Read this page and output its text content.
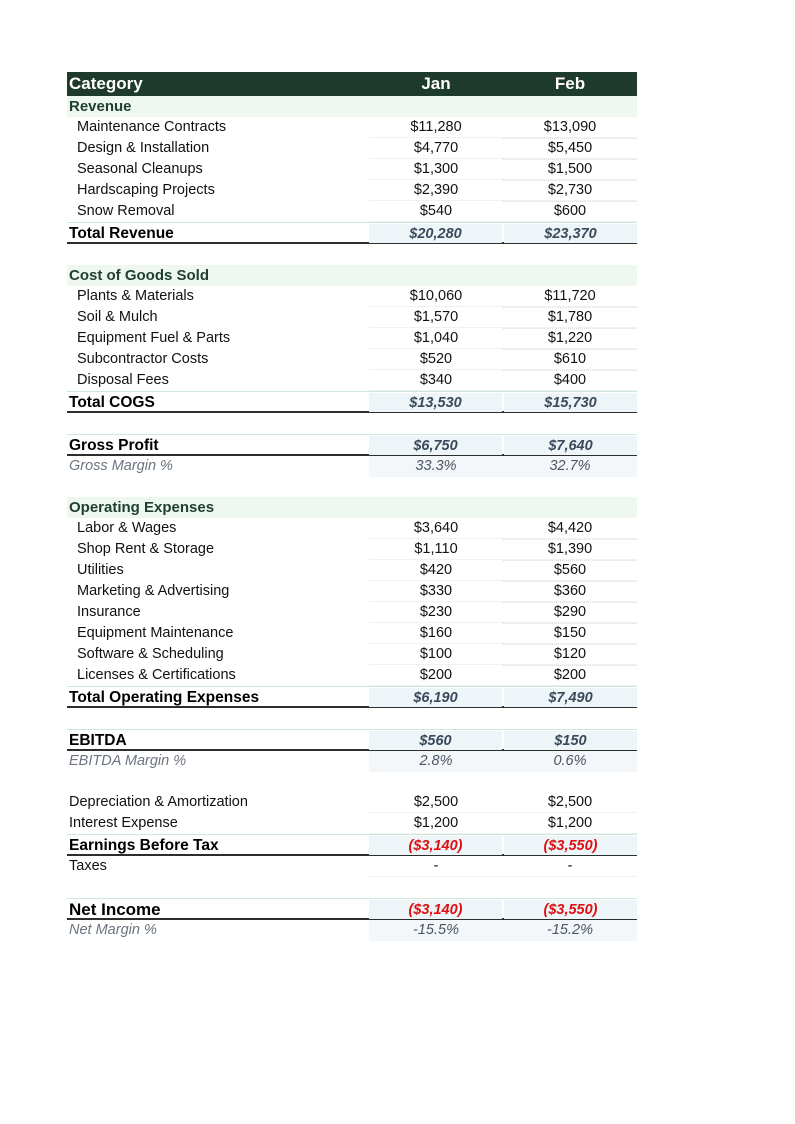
Category	Jan	Feb
Revenue
Maintenance Contracts	$11,280	$13,090
Design & Installation	$4,770	$5,450
Seasonal Cleanups	$1,300	$1,500
Hardscaping Projects	$2,390	$2,730
Snow Removal	$540	$600
Total Revenue	$20,280	$23,370
Cost of Goods Sold
Plants & Materials	$10,060	$11,720
Soil & Mulch	$1,570	$1,780
Equipment Fuel & Parts	$1,040	$1,220
Subcontractor Costs	$520	$610
Disposal Fees	$340	$400
Total COGS	$13,530	$15,730
Gross Profit	$6,750	$7,640
Gross Margin %	33.3%	32.7%
Operating Expenses
Labor & Wages	$3,640	$4,420
Shop Rent & Storage	$1,110	$1,390
Utilities	$420	$560
Marketing & Advertising	$330	$360
Insurance	$230	$290
Equipment Maintenance	$160	$150
Software & Scheduling	$100	$120
Licenses & Certifications	$200	$200
Total Operating Expenses	$6,190	$7,490
EBITDA	$560	$150
EBITDA Margin %	2.8%	0.6%
Depreciation & Amortization	$2,500	$2,500
Interest Expense	$1,200	$1,200
Earnings Before Tax	($3,140)	($3,550)
Taxes	-	-
Net Income	($3,140)	($3,550)
Net Margin %	-15.5%	-15.2%
